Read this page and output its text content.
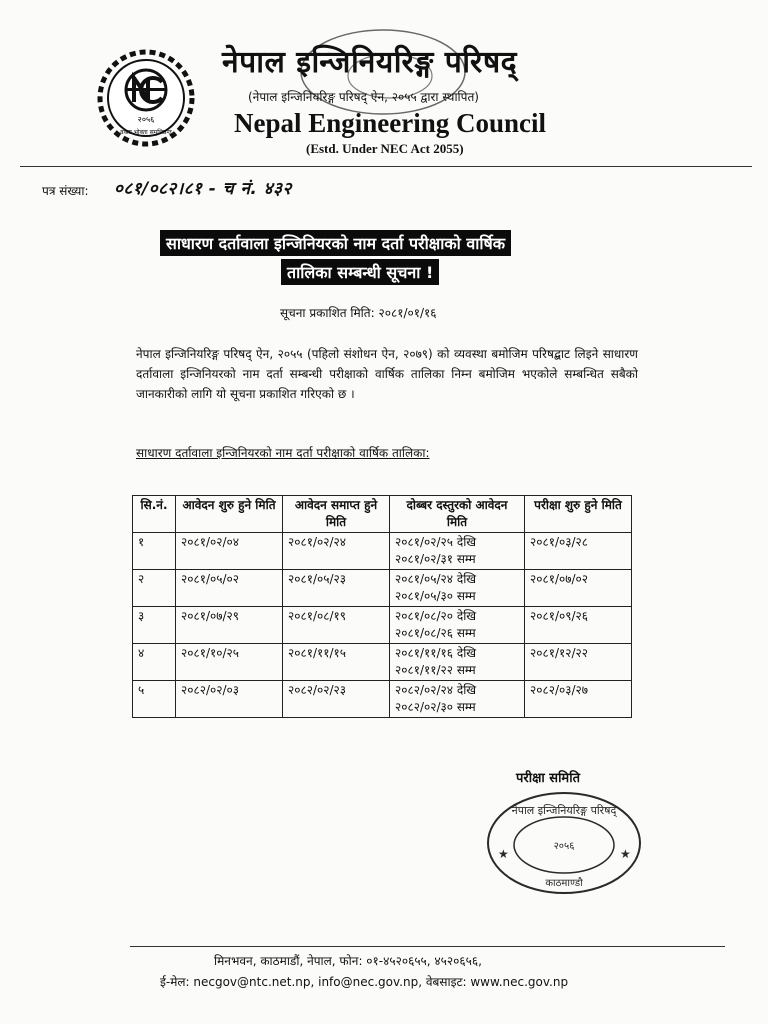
२०५६
वक्ता भोक्ता समुत्तिष्ठन्तु
नेपाल इन्जिनियरिङ्ग परिषद्
(नेपाल इन्जिनियरिङ्ग परिषद् ऐन, २०५५ द्वारा स्थापित)
Nepal Engineering Council
(Estd. Under NEC Act 2055)
पत्र संख्या: ०८१/०८२।८१ - च नं. ४३२
साधारण दर्तावाला इन्जिनियरको नाम दर्ता परीक्षाको वार्षिक
तालिका सम्बन्धी सूचना !
सूचना प्रकाशित मिति: २०८१/०१/१६
नेपाल इन्जिनियरिङ्ग परिषद् ऐन, २०५५ (पहिलो संशोधन ऐन, २०७९) को व्यवस्था बमोजिम परिषद्बाट लिइने साधारण दर्तावाला इन्जिनियरको नाम दर्ता सम्बन्धी परीक्षाको वार्षिक तालिका निम्न बमोजिम भएकोले सम्बन्धित सबैको जानकारीको लागि यो सूचना प्रकाशित गरिएको छ ।
साधारण दर्तावाला इन्जिनियरको नाम दर्ता परीक्षाको वार्षिक तालिका:
सि.नं.	आवेदन शुरु हुने मिति	आवेदन समाप्त हुने मिति	दोब्बर दस्तुरको आवेदन मिति	परीक्षा शुरु हुने मिति
१	२०८१/०२/०४	२०८१/०२/२४	२०८१/०२/२५ देखि
२०८१/०२/३१ सम्म	२०८१/०३/२८
२	२०८१/०५/०२	२०८१/०५/२३	२०८१/०५/२४ देखि
२०८१/०५/३० सम्म	२०८१/०७/०२
३	२०८१/०७/२९	२०८१/०८/१९	२०८१/०८/२० देखि
२०८१/०८/२६ सम्म	२०८१/०९/२६
४	२०८१/१०/२५	२०८१/११/१५	२०८१/११/१६ देखि
२०८१/११/२२ सम्म	२०८१/१२/२२
५	२०८२/०२/०३	२०८२/०२/२३	२०८२/०२/२४ देखि
२०८२/०२/३० सम्म	२०८२/०३/२७
परीक्षा समिति
नेपाल इन्जिनियरिङ्ग परिषद्
२०५६
काठमाण्डौ
★	★
मिनभवन, काठमाडौं, नेपाल, फोन: ०१-४५२०६५५, ४५२०६५६,
ई-मेल: necgov@ntc.net.np, info@nec.gov.np, वेबसाइट: www.nec.gov.np
